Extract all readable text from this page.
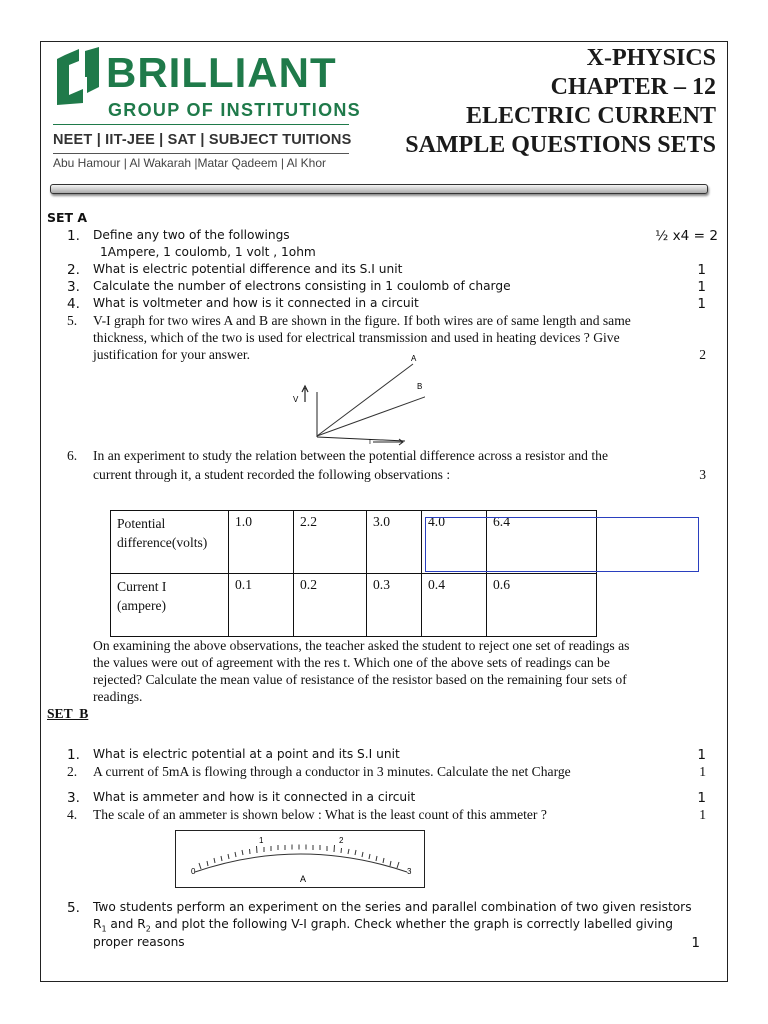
BRILLIANT
GROUP OF INSTITUTIONS
NEET | IIT-JEE | SAT | SUBJECT TUITIONS
Abu Hamour | Al Wakarah |Matar Qadeem | Al Khor
X-PHYSICS
CHAPTER – 12
ELECTRIC CURRENT
SAMPLE QUESTIONS SETS
SET A
1. Define any two of the followings	½ x4 = 2
1Ampere, 1 coulomb, 1 volt , 1ohm
2. What is electric potential difference and its S.I unit	1
3. Calculate the number of electrons consisting in 1 coulomb of charge	1
4. What is voltmeter and how is it connected in a circuit	1
5. V-I graph for two wires A and B are shown in the figure. If both wires are of same length and same
thickness, which of the two is used for electrical transmission and used in heating devices ? Give
justification for your answer.	2
V
I
A
B
6. In an experiment to study the relation between the potential difference across a resistor and the
current through it, a student recorded the following observations :	3
Potential
difference(volts)	1.0	2.2	3.0	4.0	6.4
Current I
(ampere)	0.1	0.2	0.3	0.4	0.6
On examining the above observations, the teacher asked the student to reject one set of readings as
the values were out of agreement with the res t. Which one of the above sets of readings can be
rejected? Calculate the mean value of resistance of the resistor based on the remaining four sets of
readings.
SET  B
1. What is electric potential at a point and its S.I unit	1
2. A current of 5mA is flowing through a conductor in 3 minutes. Calculate the net Charge	1
3. What is ammeter and how is it connected in a circuit	1
4. The scale of an ammeter is shown below : What is the least count of this ammeter ?	1
0
1	2
3
A
5. Two students perform an experiment on the series and parallel combination of two given resistors
$R_1$ and $R_2$ and plot the following V-I graph. Check whether the graph is correctly labelled giving
proper reasons	1
